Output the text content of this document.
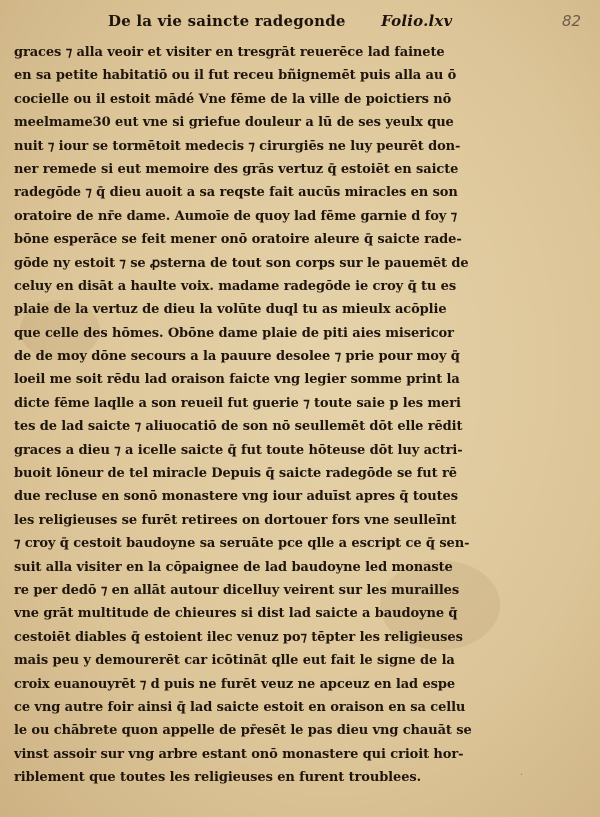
82
De la vie saincte radegonde Folio.lxv
graces ⁊ alla veoir et visiter en tresgrāt reuerēce lad fainete
en sa petite habitatiō ou il fut receu bñignemēt puis alla au ō
cocielle ou il estoit mādé Vne fēme de la ville de poictiers nō
meelmame30 eut vne si griefue douleur a lū de ses yeulx que
nuit ⁊ iour se tormētoit medecis ⁊ cirurgiēs ne luy peurēt don-
ner remede si eut memoire des grās vertuz q̄ estoiēt en saicte
radegōde ⁊ q̄ dieu auoit a sa reqste fait aucūs miracles en son
oratoire de nr̄e dame. Aumoīe de quoy lad fēme garnie d foy ⁊
bōne esperāce se feit mener onō oratoire aleure q̄ saicte rade-
gōde ny estoit ⁊ se ꝓsterna de tout son corps sur le pauemēt de
celuy en disāt a haulte voix. madame radegōde ie croy q̄ tu es
plaie de la vertuz de dieu la volūte duql tu as mieulx acōplie
que celle des hōmes. Obōne dame plaie de piti aies misericor
de de moy dōne secours a la pauure desolee ⁊ prie pour moy q̄
loeil me soit rēdu lad oraison faicte vng legier somme print la
dicte fēme laqlle a son reueil fut guerie ⁊ toute saie p les meri
tes de lad saicte ⁊ aliuocatiō de son nō seullemēt dōt elle rēdit
graces a dieu ⁊ a icelle saicte q̄ fut toute hōteuse dōt luy actri-
buoit lōneur de tel miracle Depuis q̄ saicte radegōde se fut rē
due recluse en sonō monastere vng iour aduīst apres q̄ toutes
les religieuses se furēt retirees on dortouer fors vne seulleīnt
⁊ croy q̄ cestoit baudoyne sa seruāte pce qlle a escript ce q̄ sen-
suit alla visiter en la cōpaignee de lad baudoyne led monaste
re per dedō ⁊ en allāt autour dicelluy veirent sur les murailles
vne grāt multitude de chieures si dist lad saicte a baudoyne q̄
cestoiēt diables q̄ estoient ilec venuz po⁊ tēpter les religieuses
mais peu y demourerēt car icōtināt qlle eut fait le signe de la
croix euanouyrēt ⁊ d puis ne furēt veuz ne apceuz en lad espe
ce vng autre foir ainsi q̄ lad saicte estoit en oraison en sa cellu
le ou chābrete quon appelle de pr̄esēt le pas dieu vng chauāt se
vinst assoir sur vng arbre estant onō monastere qui crioit hor-
riblement que toutes les religieuses en furent troublees.	·
